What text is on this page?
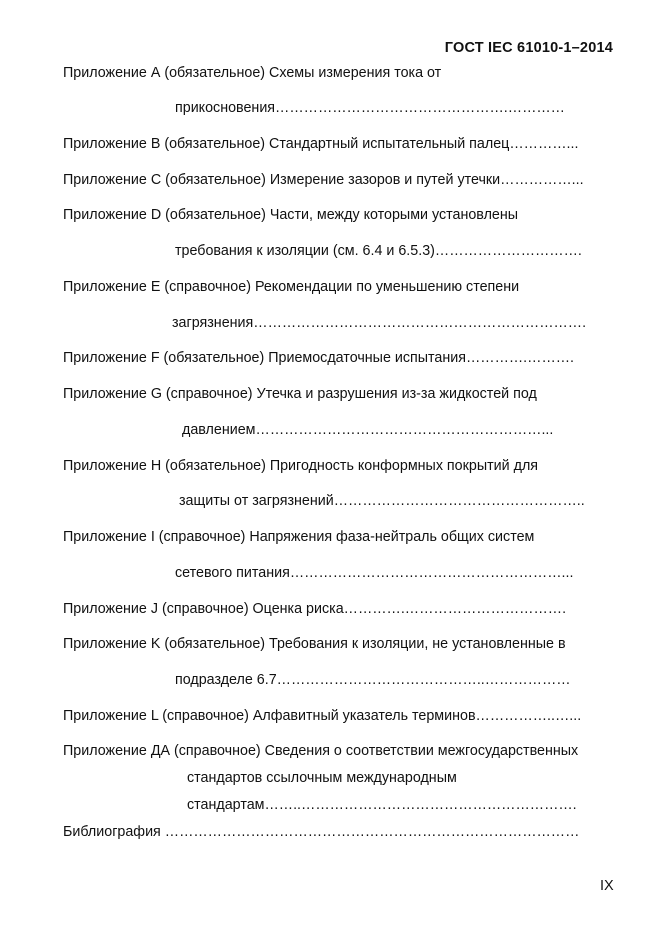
ГОСТ IEC 61010-1–2014
Приложение А (обязательное) Схемы измерения тока от
прикосновения………………………………………….…………
Приложение В (обязательное) Стандартный испытательный палец…………...
Приложение С (обязательное) Измерение зазоров и путей утечки……………...
Приложение D (обязательное) Части, между которыми установлены
требования к изоляции (см. 6.4 и 6.5.3)………………………….
Приложение Е (справочное) Рекомендации по уменьшению степени
загрязнения…………………………………………………………….
Приложение F (обязательное) Приемосдаточные испытания………….……….
Приложение G (справочное) Утечка и разрушения из-за жидкостей под
давлением……………………………………………………...
Приложение H (обязательное) Пригодность конформных покрытий для
защиты от загрязнений……………………………………………..
Приложение I (справочное) Напряжения фаза-нейтраль общих систем
сетевого питания…………………………………………………...
Приложение J (справочное) Оценка риска………….…………………………….
Приложение K (обязательное) Требования к изоляции, не установленные в
подразделе 6.7……………………………………..………………
Приложение L (справочное) Алфавитный указатель терминов……………..…...
Приложение ДА (справочное) Сведения о соответствии межгосударственных
стандартов ссылочным международным
стандартам……..………………………………………………….
Библиография ……………………………………………………………………………
IX
